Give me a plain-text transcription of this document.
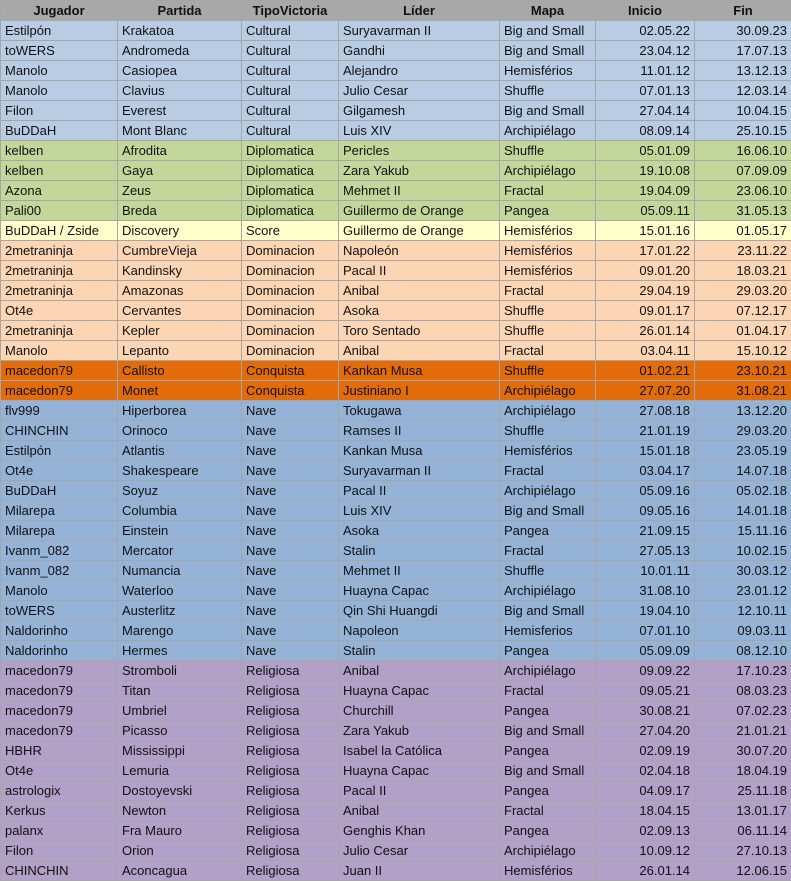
Jugador	Partida	TipoVictoria	Líder	Mapa	Inicio	Fin
Estilpón	Krakatoa	Cultural	Suryavarman II	Big and Small	02.05.22	30.09.23
toWERS	Andromeda	Cultural	Gandhi	Big and Small	23.04.12	17.07.13
Manolo	Casiopea	Cultural	Alejandro	Hemisférios	11.01.12	13.12.13
Manolo	Clavius	Cultural	Julio Cesar	Shuffle	07.01.13	12.03.14
Filon	Everest	Cultural	Gilgamesh	Big and Small	27.04.14	10.04.15
BuDDaH	Mont Blanc	Cultural	Luis XIV	Archipiélago	08.09.14	25.10.15
kelben	Afrodita	Diplomatica	Pericles	Shuffle	05.01.09	16.06.10
kelben	Gaya	Diplomatica	Zara Yakub	Archipiélago	19.10.08	07.09.09
Azona	Zeus	Diplomatica	Mehmet II	Fractal	19.04.09	23.06.10
Pali00	Breda	Diplomatica	Guillermo de Orange	Pangea	05.09.11	31.05.13
BuDDaH / Zside	Discovery	Score	Guillermo de Orange	Hemisférios	15.01.16	01.05.17
2metraninja	CumbreVieja	Dominacion	Napoleón	Hemisférios	17.01.22	23.11.22
2metraninja	Kandinsky	Dominacion	Pacal II	Hemisférios	09.01.20	18.03.21
2metraninja	Amazonas	Dominacion	Anibal	Fractal	29.04.19	29.03.20
Ot4e	Cervantes	Dominacion	Asoka	Shuffle	09.01.17	07.12.17
2metraninja	Kepler	Dominacion	Toro Sentado	Shuffle	26.01.14	01.04.17
Manolo	Lepanto	Dominacion	Anibal	Fractal	03.04.11	15.10.12
macedon79	Callisto	Conquista	Kankan Musa	Shuffle	01.02.21	23.10.21
macedon79	Monet	Conquista	Justiniano I	Archipiélago	27.07.20	31.08.21
flv999	Hiperborea	Nave	Tokugawa	Archipiélago	27.08.18	13.12.20
CHINCHIN	Orinoco	Nave	Ramses II	Shuffle	21.01.19	29.03.20
Estilpón	Atlantis	Nave	Kankan Musa	Hemisférios	15.01.18	23.05.19
Ot4e	Shakespeare	Nave	Suryavarman II	Fractal	03.04.17	14.07.18
BuDDaH	Soyuz	Nave	Pacal II	Archipiélago	05.09.16	05.02.18
Milarepa	Columbia	Nave	Luis XIV	Big and Small	09.05.16	14.01.18
Milarepa	Einstein	Nave	Asoka	Pangea	21.09.15	15.11.16
Ivanm_082	Mercator	Nave	Stalin	Fractal	27.05.13	10.02.15
Ivanm_082	Numancia	Nave	Mehmet II	Shuffle	10.01.11	30.03.12
Manolo	Waterloo	Nave	Huayna Capac	Archipiélago	31.08.10	23.01.12
toWERS	Austerlitz	Nave	Qin Shi Huangdi	Big and Small	19.04.10	12.10.11
Naldorinho	Marengo	Nave	Napoleon	Hemisferios	07.01.10	09.03.11
Naldorinho	Hermes	Nave	Stalin	Pangea	05.09.09	08.12.10
macedon79	Stromboli	Religiosa	Anibal	Archipiélago	09.09.22	17.10.23
macedon79	Titan	Religiosa	Huayna Capac	Fractal	09.05.21	08.03.23
macedon79	Umbriel	Religiosa	Churchill	Pangea	30.08.21	07.02.23
macedon79	Picasso	Religiosa	Zara Yakub	Big and Small	27.04.20	21.01.21
HBHR	Mississippi	Religiosa	Isabel la Católica	Pangea	02.09.19	30.07.20
Ot4e	Lemuria	Religiosa	Huayna Capac	Big and Small	02.04.18	18.04.19
astrologix	Dostoyevski	Religiosa	Pacal II	Pangea	04.09.17	25.11.18
Kerkus	Newton	Religiosa	Anibal	Fractal	18.04.15	13.01.17
palanx	Fra Mauro	Religiosa	Genghis Khan	Pangea	02.09.13	06.11.14
Filon	Orion	Religiosa	Julio Cesar	Archipiélago	10.09.12	27.10.13
CHINCHIN	Aconcagua	Religiosa	Juan II	Hemisférios	26.01.14	12.06.15
